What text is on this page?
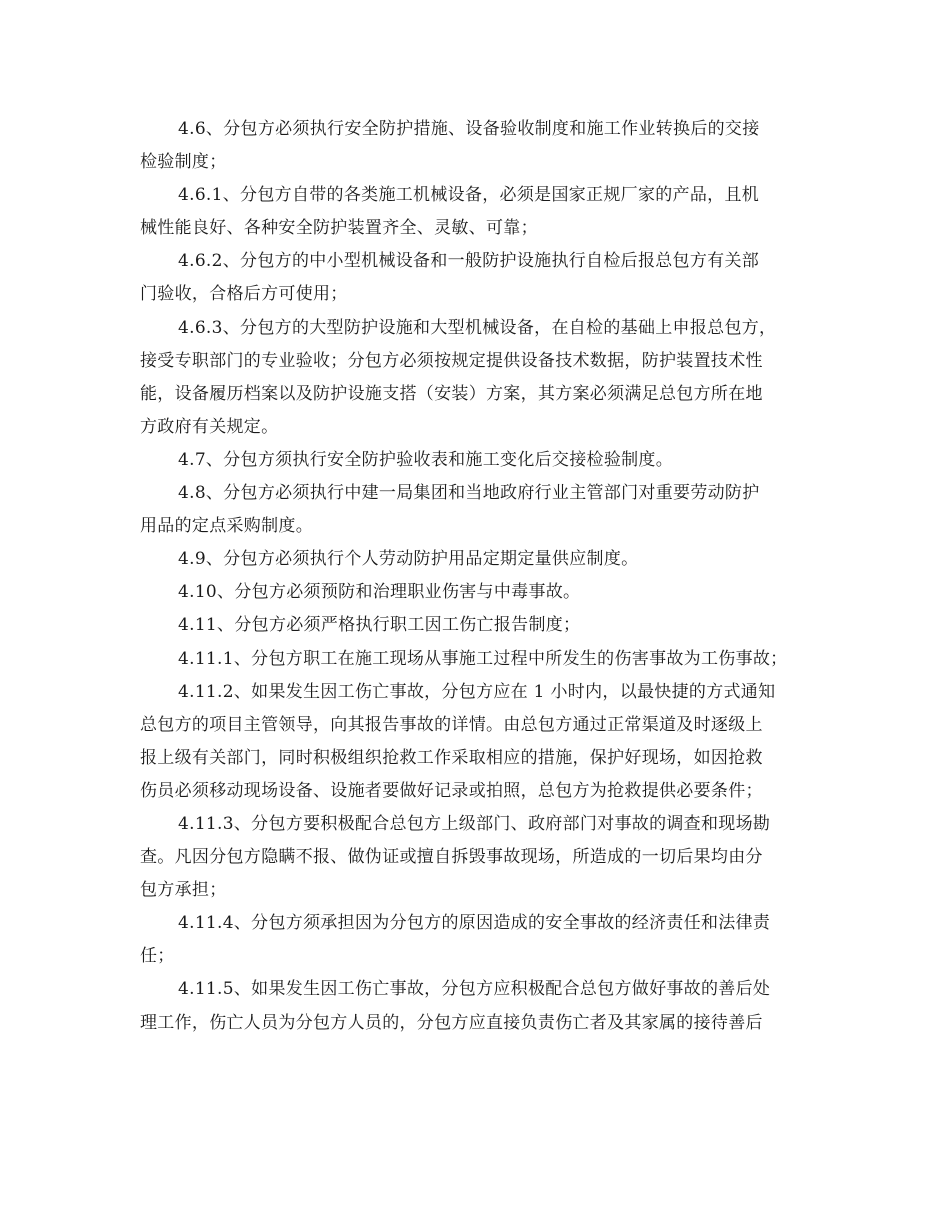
4.6、分包方必须执行安全防护措施、设备验收制度和施工作业转换后的交接
检验制度；
4.6.1、分包方自带的各类施工机械设备，必须是国家正规厂家的产品，且机
械性能良好、各种安全防护装置齐全、灵敏、可靠；
4.6.2、分包方的中小型机械设备和一般防护设施执行自检后报总包方有关部
门验收，合格后方可使用；
4.6.3、分包方的大型防护设施和大型机械设备，在自检的基础上申报总包方，
接受专职部门的专业验收；分包方必须按规定提供设备技术数据，防护装置技术性
能，设备履历档案以及防护设施支搭（安装）方案，其方案必须满足总包方所在地
方政府有关规定。
4.7、分包方须执行安全防护验收表和施工变化后交接检验制度。
4.8、分包方必须执行中建一局集团和当地政府行业主管部门对重要劳动防护
用品的定点采购制度。
4.9、分包方必须执行个人劳动防护用品定期定量供应制度。
4.10、分包方必须预防和治理职业伤害与中毒事故。
4.11、分包方必须严格执行职工因工伤亡报告制度；
4.11.1、分包方职工在施工现场从事施工过程中所发生的伤害事故为工伤事故；
4.11.2、如果发生因工伤亡事故，分包方应在 1 小时内，以最快捷的方式通知
总包方的项目主管领导，向其报告事故的详情。由总包方通过正常渠道及时逐级上
报上级有关部门，同时积极组织抢救工作采取相应的措施，保护好现场，如因抢救
伤员必须移动现场设备、设施者要做好记录或拍照，总包方为抢救提供必要条件；
4.11.3、分包方要积极配合总包方上级部门、政府部门对事故的调查和现场勘
查。凡因分包方隐瞒不报、做伪证或擅自拆毁事故现场，所造成的一切后果均由分
包方承担；
4.11.4、分包方须承担因为分包方的原因造成的安全事故的经济责任和法律责
任；
4.11.5、如果发生因工伤亡事故，分包方应积极配合总包方做好事故的善后处
理工作，伤亡人员为分包方人员的，分包方应直接负责伤亡者及其家属的接待善后
